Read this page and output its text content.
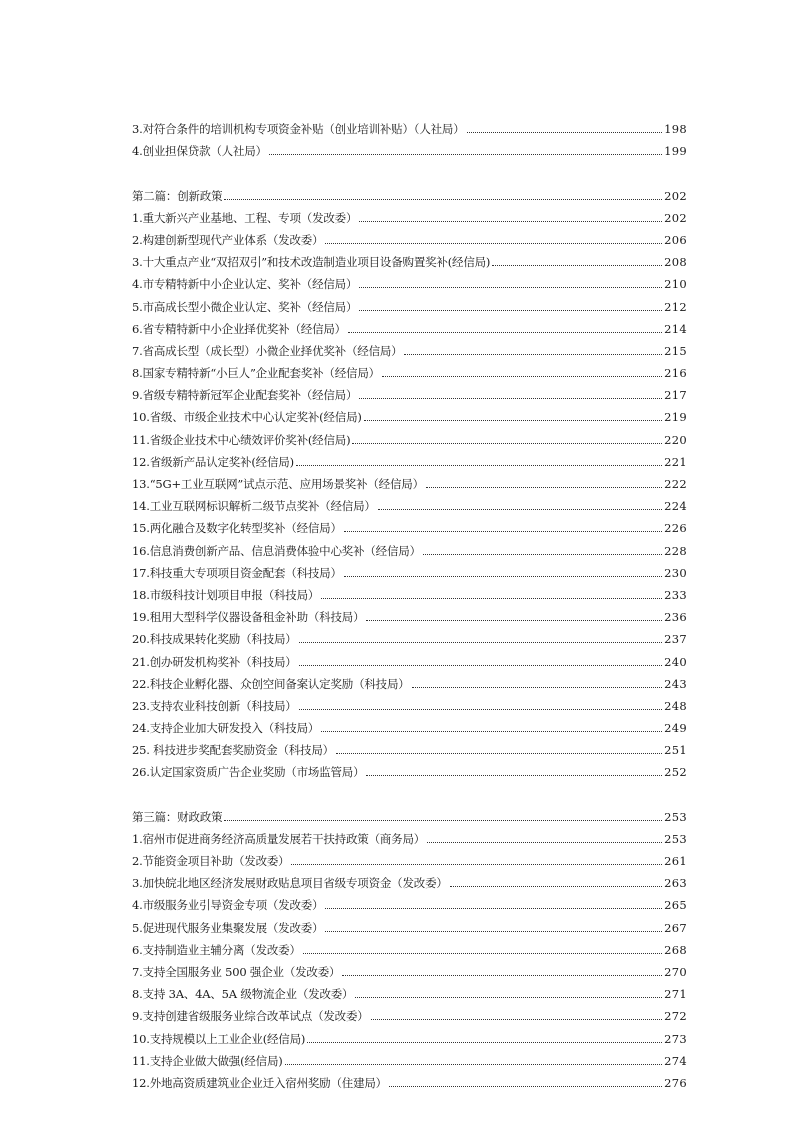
3.对符合条件的培训机构专项资金补贴（创业培训补贴）（人社局）	198
4.创业担保贷款（人社局）	199
第二篇：创新政策	202
1.重大新兴产业基地、工程、专项（发改委）	202
2.构建创新型现代产业体系（发改委）	206
3.十大重点产业“双招双引”和技术改造制造业项目设备购置奖补(经信局)	208
4.市专精特新中小企业认定、奖补（经信局）	210
5.市高成长型小微企业认定、奖补（经信局）	212
6.省专精特新中小企业择优奖补（经信局）	214
7.省高成长型（成长型）小微企业择优奖补（经信局）	215
8.国家专精特新“小巨人”企业配套奖补（经信局）	216
9.省级专精特新冠军企业配套奖补（经信局）	217
10.省级、市级企业技术中心认定奖补(经信局)	219
11.省级企业技术中心绩效评价奖补(经信局)	220
12.省级新产品认定奖补(经信局)	221
13.“5G+工业互联网”试点示范、应用场景奖补（经信局）	222
14.工业互联网标识解析二级节点奖补（经信局）	224
15.两化融合及数字化转型奖补（经信局）	226
16.信息消费创新产品、信息消费体验中心奖补（经信局）	228
17.科技重大专项项目资金配套（科技局）	230
18.市级科技计划项目申报（科技局）	233
19.租用大型科学仪器设备租金补助（科技局）	236
20.科技成果转化奖励（科技局）	237
21.创办研发机构奖补（科技局）	240
22.科技企业孵化器、众创空间备案认定奖励（科技局）	243
23.支持农业科技创新（科技局）	248
24.支持企业加大研发投入（科技局）	249
25. 科技进步奖配套奖励资金（科技局）	251
26.认定国家资质广告企业奖励（市场监管局）	252
第三篇：财政政策	253
1.宿州市促进商务经济高质量发展若干扶持政策（商务局）	253
2.节能资金项目补助（发改委）	261
3.加快皖北地区经济发展财政贴息项目省级专项资金（发改委）	263
4.市级服务业引导资金专项（发改委）	265
5.促进现代服务业集聚发展（发改委）	267
6.支持制造业主辅分离（发改委）	268
7.支持全国服务业 500 强企业（发改委）	270
8.支持 3A、4A、5A 级物流企业（发改委）	271
9.支持创建省级服务业综合改革试点（发改委）	272
10.支持规模以上工业企业(经信局)	273
11.支持企业做大做强(经信局)	274
12.外地高资质建筑业企业迁入宿州奖励（住建局）	276
